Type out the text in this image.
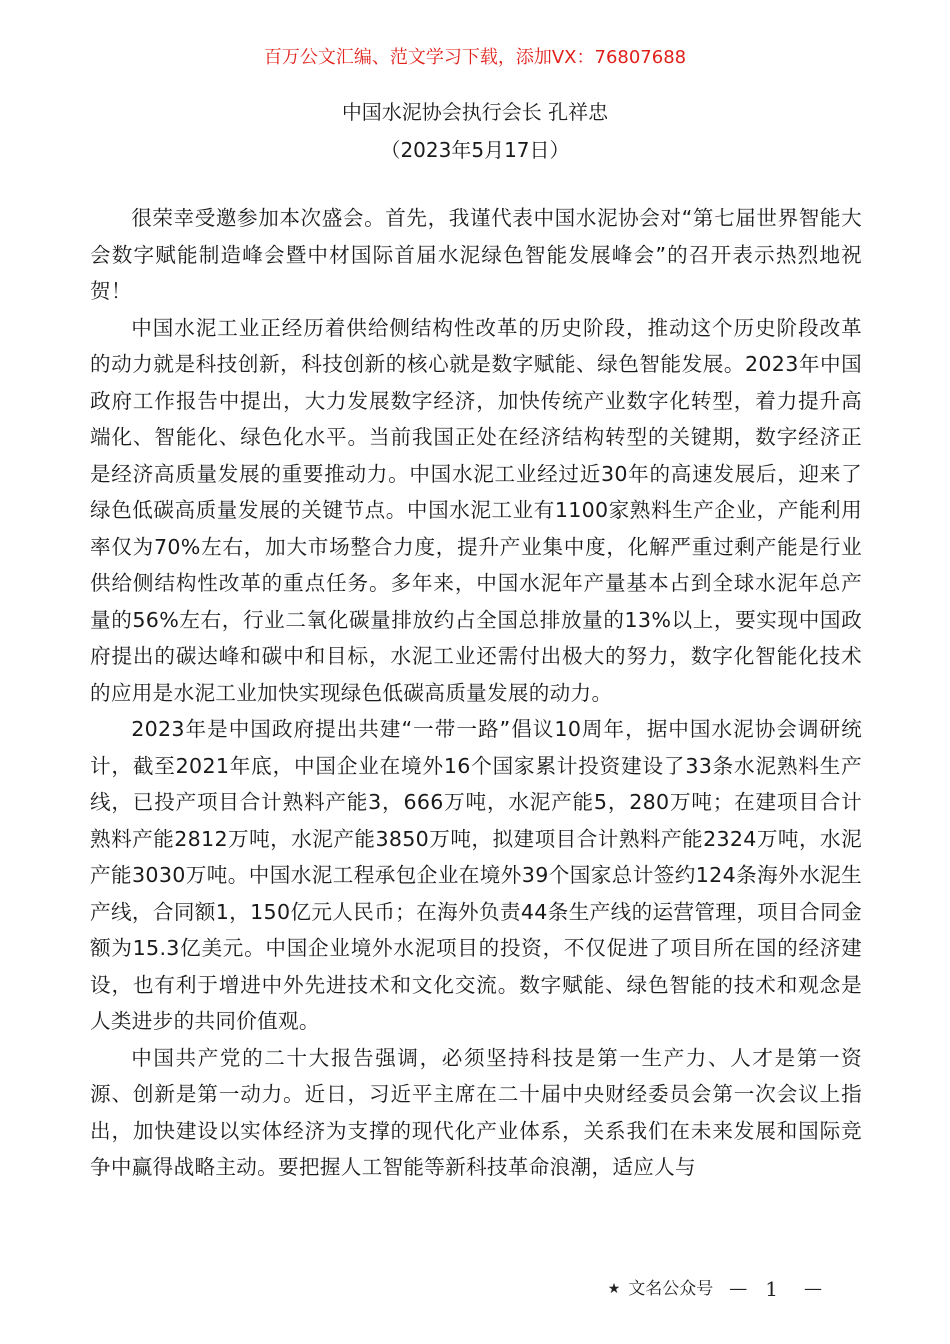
百万公文汇编、范文学习下载，添加VX：76807688
中国水泥协会执行会长 孔祥忠
（2023年5月17日）

很荣幸受邀参加本次盛会。首先，我谨代表中国水泥协会对“第七届世界智能大会数字赋能制造峰会暨中材国际首届水泥绿色智能发展峰会”的召开表示热烈地祝贺！

中国水泥工业正经历着供给侧结构性改革的历史阶段，推动这个历史阶段改革的动力就是科技创新，科技创新的核心就是数字赋能、绿色智能发展。2023年中国政府工作报告中提出，大力发展数字经济，加快传统产业数字化转型，着力提升高端化、智能化、绿色化水平。当前我国正处在经济结构转型的关键期，数字经济正是经济高质量发展的重要推动力。中国水泥工业经过近30年的高速发展后，迎来了绿色低碳高质量发展的关键节点。中国水泥工业有1100家熟料生产企业，产能利用率仅为70%左右，加大市场整合力度，提升产业集中度，化解严重过剩产能是行业供给侧结构性改革的重点任务。多年来，中国水泥年产量基本占到全球水泥年总产量的56%左右，行业二氧化碳量排放约占全国总排放量的13%以上，要实现中国政府提出的碳达峰和碳中和目标，水泥工业还需付出极大的努力，数字化智能化技术的应用是水泥工业加快实现绿色低碳高质量发展的动力。

2023年是中国政府提出共建“一带一路”倡议10周年，据中国水泥协会调研统计，截至2021年底，中国企业在境外16个国家累计投资建设了33条水泥熟料生产线，已投产项目合计熟料产能3，666万吨，水泥产能5，280万吨；在建项目合计熟料产能2812万吨，水泥产能3850万吨，拟建项目合计熟料产能2324万吨，水泥产能3030万吨。中国水泥工程承包企业在境外39个国家总计签约124条海外水泥生产线，合同额1，150亿元人民币；在海外负责44条生产线的运营管理，项目合同金额为15.3亿美元。中国企业境外水泥项目的投资，不仅促进了项目所在国的经济建设，也有利于增进中外先进技术和文化交流。数字赋能、绿色智能的技术和观念是人类进步的共同价值观。

中国共产党的二十大报告强调，必须坚持科技是第一生产力、人才是第一资源、创新是第一动力。近日，习近平主席在二十届中央财经委员会第一次会议上指出，加快建设以实体经济为支撑的现代化产业体系，关系我们在未来发展和国际竞争中赢得战略主动。要把握人工智能等新科技革命浪潮，适应人与

★ 文名公众号 — 1 —
